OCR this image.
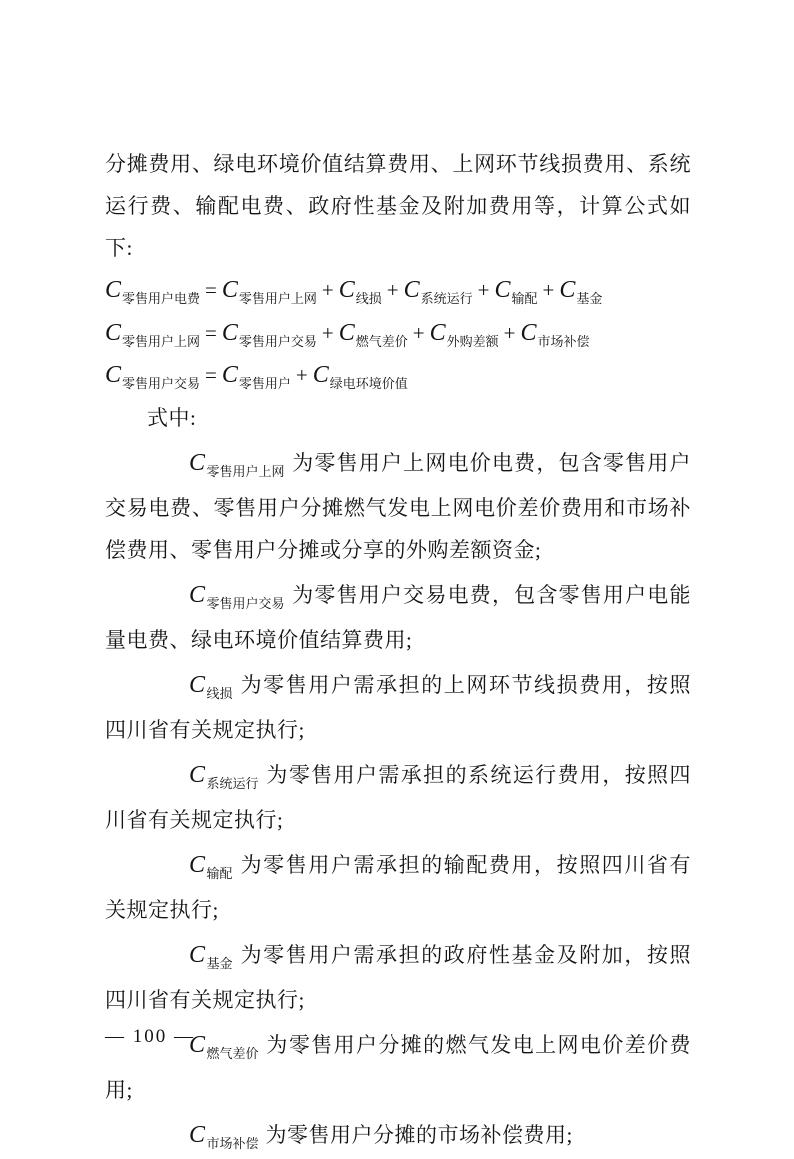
分摊费用、绿电环境价值结算费用、上网环节线损费用、系统运行费、输配电费、政府性基金及附加费用等，计算公式如下:

$C_{零售用户电费} = C_{零售用户上网} + C_{线损} + C_{系统运行} + C_{输配} + C_{基金}$
$C_{零售用户上网} = C_{零售用户交易} + C_{燃气差价} + C_{外购差额} + C_{市场补偿}$
$C_{零售用户交易} = C_{零售用户} + C_{绿电环境价值}$

式中:

$C_{零售用户上网}$ 为零售用户上网电价电费，包含零售用户交易电费、零售用户分摊燃气发电上网电价差价费用和市场补偿费用、零售用户分摊或分享的外购差额资金;

$C_{零售用户交易}$ 为零售用户交易电费，包含零售用户电能量电费、绿电环境价值结算费用;

$C_{线损}$ 为零售用户需承担的上网环节线损费用，按照四川省有关规定执行;

$C_{系统运行}$ 为零售用户需承担的系统运行费用，按照四川省有关规定执行;

$C_{输配}$ 为零售用户需承担的输配费用，按照四川省有关规定执行;

$C_{基金}$ 为零售用户需承担的政府性基金及附加，按照四川省有关规定执行;

$C_{燃气差价}$ 为零售用户分摊的燃气发电上网电价差价费用;

$C_{市场补偿}$ 为零售用户分摊的市场补偿费用;

— 100 —
